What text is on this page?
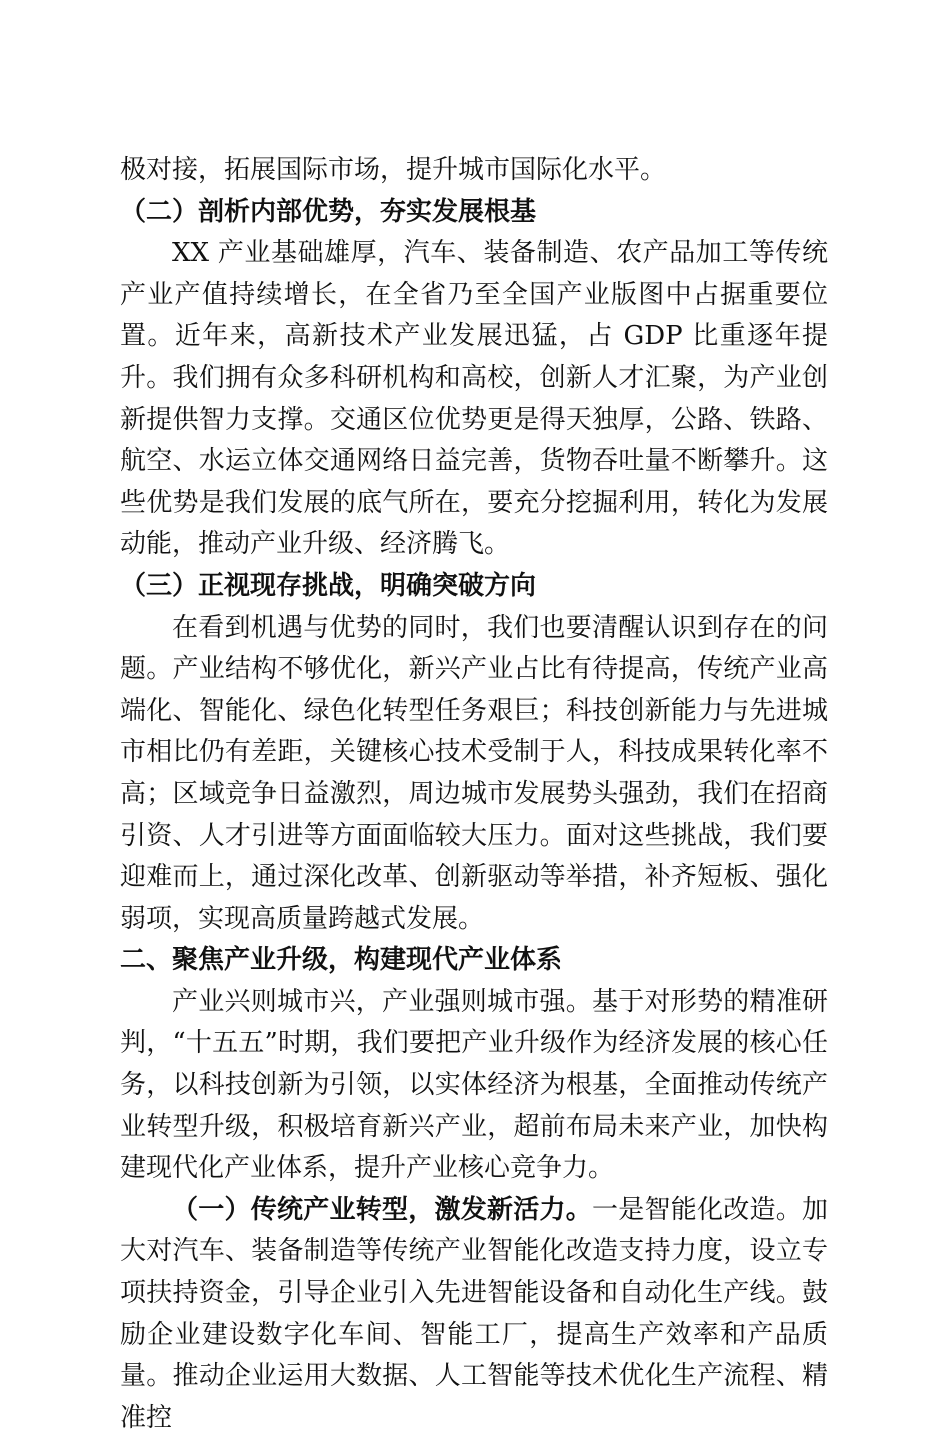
极对接，拓展国际市场，提升城市国际化水平。

（二）剖析内部优势，夯实发展根基

XX 产业基础雄厚，汽车、装备制造、农产品加工等传统产业产值持续增长，在全省乃至全国产业版图中占据重要位置。近年来，高新技术产业发展迅猛，占 GDP 比重逐年提升。我们拥有众多科研机构和高校，创新人才汇聚，为产业创新提供智力支撑。交通区位优势更是得天独厚，公路、铁路、航空、水运立体交通网络日益完善，货物吞吐量不断攀升。这些优势是我们发展的底气所在，要充分挖掘利用，转化为发展动能，推动产业升级、经济腾飞。

（三）正视现存挑战，明确突破方向

在看到机遇与优势的同时，我们也要清醒认识到存在的问题。产业结构不够优化，新兴产业占比有待提高，传统产业高端化、智能化、绿色化转型任务艰巨；科技创新能力与先进城市相比仍有差距，关键核心技术受制于人，科技成果转化率不高；区域竞争日益激烈，周边城市发展势头强劲，我们在招商引资、人才引进等方面面临较大压力。面对这些挑战，我们要迎难而上，通过深化改革、创新驱动等举措，补齐短板、强化弱项，实现高质量跨越式发展。

二、聚焦产业升级，构建现代产业体系

产业兴则城市兴，产业强则城市强。基于对形势的精准研判，“十五五”时期，我们要把产业升级作为经济发展的核心任务，以科技创新为引领，以实体经济为根基，全面推动传统产业转型升级，积极培育新兴产业，超前布局未来产业，加快构建现代化产业体系，提升产业核心竞争力。

（一）传统产业转型，激发新活力。一是智能化改造。加大对汽车、装备制造等传统产业智能化改造支持力度，设立专项扶持资金，引导企业引入先进智能设备和自动化生产线。鼓励企业建设数字化车间、智能工厂，提高生产效率和产品质量。推动企业运用大数据、人工智能等技术优化生产流程、精准控
